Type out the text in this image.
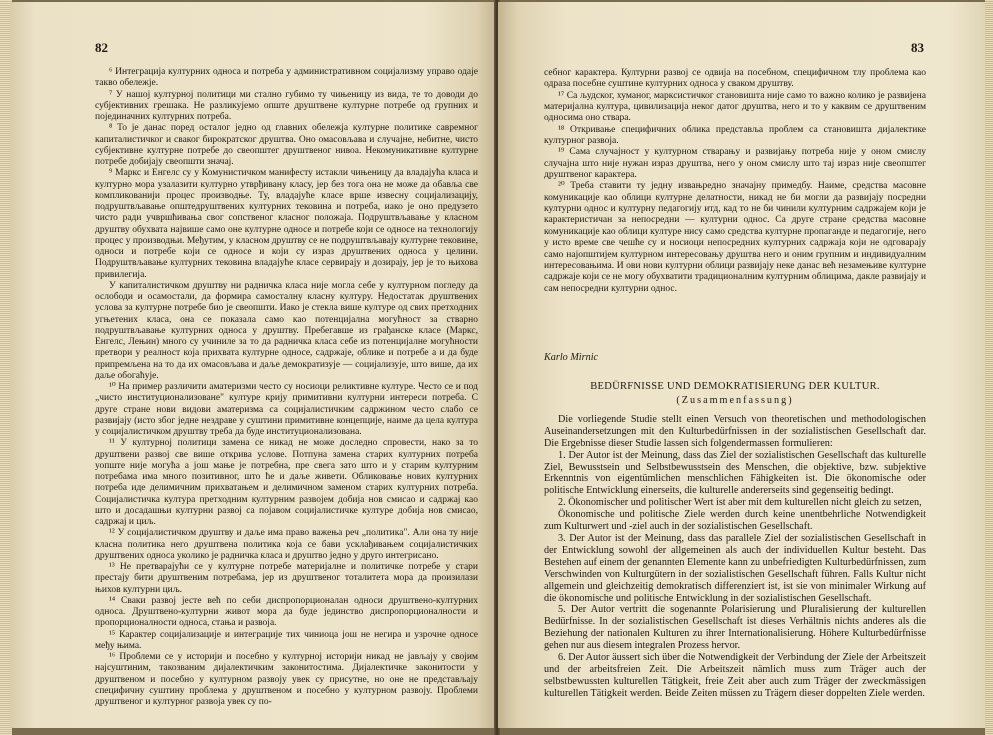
82

⁶ Интеграција културних односа и потреба у административном социјализму управо одаје такво обележје.

⁷ У нашој културној политици ми стално губимо ту чињеницу из вида, те то доводи до субјективних грешака. Не разликујемо опште друштвене културне потребе од групних и појединачних културних потреба.

⁸ То је данас поред осталог једно од главних обележја културне политике савремног капиталистичког и сваког бирократског друштва. Оно омасовљава и случајне, небитне, чисто субјективне културне потребе до свеопштег друштвеног нивоа. Некомуникативне културне потребе добијају свеопшти значај.

⁹ Маркс и Енгелс су у Комунистичком манифесту истакли чињеницу да владајућа класа и културно мора узалазити културно утврђивану класу, јер без тога она не може да обавља све компликованији процес производње. Ту, владајуће класе врше извесну социјализацију, подруштвљавање општедруштвених културних тековина и потреба, иако је оно предузето чисто ради учвршћивања свог сопственог класног положаја. Подруштвљавање у класном друштву обухвата највише само оне културне односе и потребе који се односе на технологију процес у производњи. Међутим, у класном друштву се не подруштвљавају културне тековине, односи и потребе који се односе и који су израз друштвених односа у целини. Подруштвљавање културних тековина владајуће класе сервирају и дозирају, јер је то њихова привилегија.

У капиталистичком друштву ни радничка класа није могла себе у културном погледу да ослободи и осамостали, да формира самосталну класну културу. Недостатак друштвених услова за културне потребе био је свеопшти. Иако је стекла више културе од свих претходних угњетених класа, она се показала само као потенцијална могућност за стварно подруштвљавање културних односа у друштву. Пребегавше из грађанске класе (Маркс, Енгелс, Лењин) много су учиниле за то да радничка класа себе из потенцијалне могућности претвори у реалност која прихвата културне односе, садржаје, облике и потребе а и да буде припремљена на то да их омасовљава и даље демократизује — социјализује, што више, да их даље обогаћује.

¹⁰ На пример различити аматеризми често су носиоци реликтивне културе. Често се и под „чисто институционализоване" културе крију примитивни културни интереси потреба. С друге стране нови видови аматеризма са социјалистичким садржином често слабо се развијају (исто због једне нездраве у суштини примитивне концепције, наиме да цела култура у социјалистичком друштву треба да буде институционализована.

¹¹ У културној политици замена се никад не може доследно спровести, нако за то друштвени развој све више открива услове. Потпуна замена старих културних потреба уопште није могућа а још мање је потребна, пре свега зато што и у старим културним потребама има много позитивног, што ће и даље живети. Обликовање нових културних потреба иде делимичним прихватањем и делимичном заменом старих културних потреба. Социјалистичка култура претходним културним развојем добија нов смисао и садржај као што и досадашњи културни развој са појавом социјалистичке културе добија нов смисао, садржај и циљ.

¹² У социјалистичком друштву и даље има право важења реч „политика". Али она ту није класна политика него друштвена политика која се бави усклађивањем социјалистичких друштвених односа уколико је радничка класа и друштво једно у друго интегрисано.

¹³ Не претварајући се у културне потребе материјалне и политичке потребе у стари престају бити друштвеним потребама, јер из друштвеног тоталитета мора да произилази њихов културни циљ.

¹⁴ Сваки развој јесте већ по себи диспропорционалан односи друштвено-културних односа. Друштвено-културни живот мора да буде јединство диспропорционалности и пропорционалности односа, стања и развоја.

¹⁵ Карактер социјализације и интеграције тих чиниоца још не негира и узрочне односе међу њима.

¹⁶ Проблеми се у историји и посебно у културној историји никад не јављају у својим најсуштиним, такозваним дијалектичким законитостима. Дијалектичке законитости у друштвеном и посебно у културном развоју увек су присутне, но оне не представљају специфичну суштину проблема у друштвеном и посебно у културном развоју. Проблеми друштвеног и културног развоја увек су по-

83

себног карактера. Културни развој се одвија на посебном, специфичном тлу проблема као одраза посебне суштине културних односа у сваком друштву.

¹⁷ Са људског, хуманог, марксистичког становишта није само то важно колико је развијена материјална култура, цивилизација неког датог друштва, него и то у каквим се друштвеним односима оно ствара.

¹⁸ Откривање специфичних облика представља проблем са становишта дијалектике културног развоја.

¹⁹ Сама случајност у културном стварању и развијању потреба није у оном смислу случајна што није нужан израз друштва, него у оном смислу што тај израз није свеопштег друштвеног карактера.

²⁰ Треба ставити ту једну извањредно значајну примедбу. Наиме, средства масовне комуникације као облици културне делатности, никад не би могли да развијају посредни културни однос и културну педагогију итд, кад то не би чинили културним садржајем који је карактеристичан за непосредни — културни однос. Са друге стране средства масовне комуникације као облици културе нису само средства културне пропаганде и педагогије, него у исто време све чешће су и носиоци непосредних културних садржаја који не одговарају само најопштијем културном интересовању друштва него и оним групним и индивидуалним интересовањима. И ови нови културни облици развијају неке данас већ незамењиве културне садржаје који се не могу обухватити традиционалним културним облицима, дакле развијају и сам непосредни културни однос.

Karlo Mirnic

BEDÜRFNISSE UND DEMOKRATISIERUNG DER KULTUR.

(Zusammenfassung)

Die vorliegende Studie stellt einen Versuch von theoretischen und methodologischen Auseinandersetzungen mit den Kulturbedürfnissen in der sozialistischen Gesellschaft dar. Die Ergebnisse dieser Studie lassen sich folgendermassen formulieren:

1. Der Autor ist der Meinung, dass das Ziel der sozialistischen Gesellschaft das kulturelle Ziel, Bewusstsein und Selbstbewusstsein des Menschen, die objektive, bzw. subjektive Erkenntnis von eigentümlichen menschlichen Fähigkeiten ist. Die ökonomische oder politische Entwicklung einerseits, die kulturelle andererseits sind gegenseitig bedingt.

2. Ökonomischer und politischer Wert ist aber mit dem kulturellen nicht gleich zu setzen,

Ökonomische und politische Ziele werden durch keine unentbehrliche Notwendigkeit zum Kulturwert und -ziel auch in der sozialistischen Gesellschaft.

3. Der Autor ist der Meinung, dass das parallele Ziel der sozialistischen Gesellschaft in der Entwicklung sowohl der allgemeinen als auch der individuellen Kultur besteht. Das Bestehen auf einem der genannten Elemente kann zu unbefriedigten Kulturbedürfnissen, zum Verschwinden von Kulturgütern in der sozialistischen Gesellschaft führen. Falls Kultur nicht allgemein und gleichzeitig demokratisch differenziert ist, ist sie von minimaler Wirkung auf die ökonomische und politische Entwicklung in der sozialistischen Gesellschaft.

5. Der Autor vertritt die sogenannte Polarisierung und Pluralisierung der kulturellen Bedürfnisse. In der sozialistischen Gesellschaft ist dieses Verhältnis nichts anderes als die Beziehung der nationalen Kulturen zu ihrer Internationalisierung. Höhere Kulturbedürfnisse gehen nur aus diesem integralen Prozess hervor.

6. Der Autor äussert sich über die Notwendigkeit der Verbindung der Ziele der Arbeitszeit und der arbeitsfreien Zeit. Die Arbeitszeit nämlich muss zum Träger auch der selbstbewussten kulturellen Tätigkeit, freie Zeit aber auch zum Träger der zweckmässigen kulturellen Tätigkeit werden. Beide Zeiten müssen zu Trägern dieser doppelten Ziele werden.
